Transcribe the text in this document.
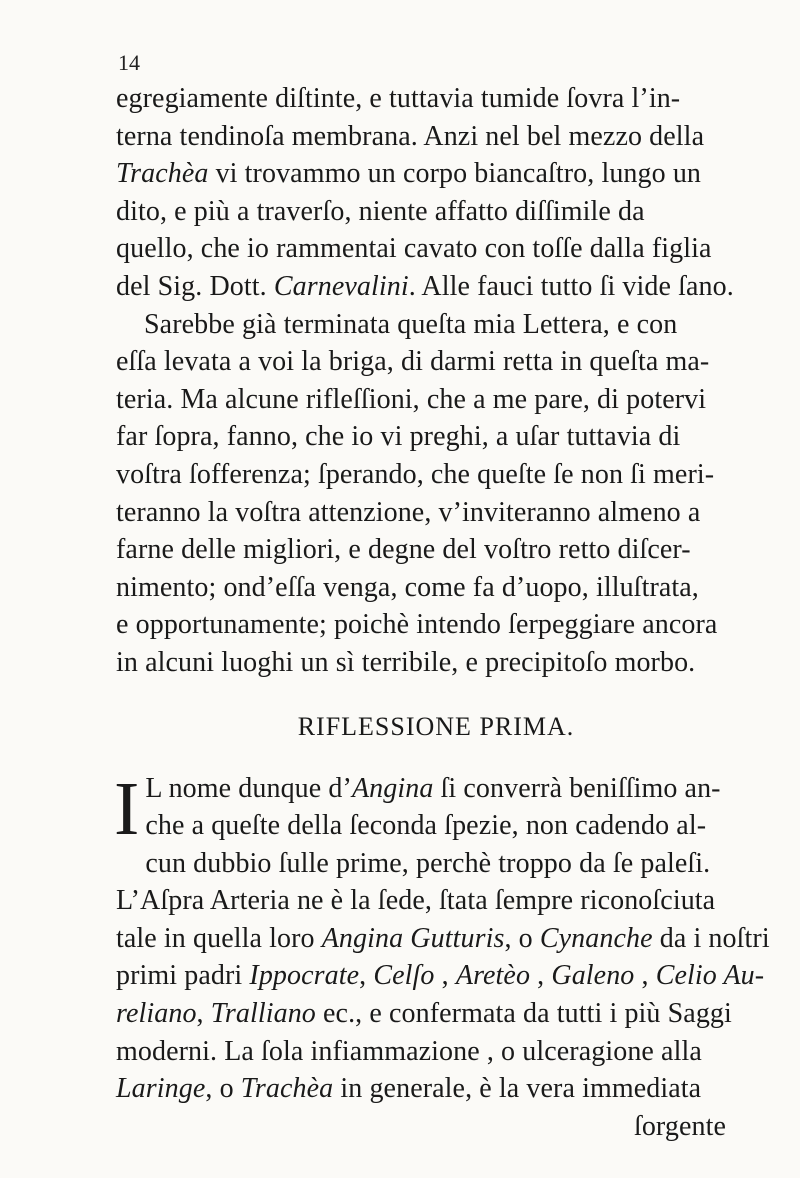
14
egregiamente diſtinte, e tuttavia tumide ſovra l’in-
terna tendinoſa membrana. Anzi nel bel mezzo della
Trachèa vi trovammo un corpo biancaſtro, lungo un
dito, e più a traverſo, niente affatto diſſimile da
quello, che io rammentai cavato con toſſe dalla figlia
del Sig. Dott. Carnevalini. Alle fauci tutto ſi vide ſano.
Sarebbe già terminata queſta mia Lettera, e con
eſſa levata a voi la briga, di darmi retta in queſta ma-
teria. Ma alcune rifleſſioni, che a me pare, di potervi
far ſopra, fanno, che io vi preghi, a uſar tuttavia di
voſtra ſofferenza; ſperando, che queſte ſe non ſi meri-
teranno la voſtra attenzione, v’inviteranno almeno a
farne delle migliori, e degne del voſtro retto diſcer-
nimento; ond’eſſa venga, come fa d’uopo, illuſtrata,
e opportunamente; poichè intendo ſerpeggiare ancora
in alcuni luoghi un sì terribile, e precipitoſo morbo.
RIFLESSIONE PRIMA.
I L nome dunque d’Angina ſi converrà beniſſimo an-
che a queſte della ſeconda ſpezie, non cadendo al-
cun dubbio ſulle prime, perchè troppo da ſe paleſi.
L’Aſpra Arteria ne è la ſede, ſtata ſempre riconoſciuta
tale in quella loro Angina Gutturis, o Cynanche da i noſtri
primi padri Ippocrate, Celſo , Aretèo , Galeno , Celio Au-
reliano, Tralliano ec., e confermata da tutti i più Saggi
moderni. La ſola infiammazione , o ulceragione alla
Laringe, o Trachèa in generale, è la vera immediata
ſorgente
